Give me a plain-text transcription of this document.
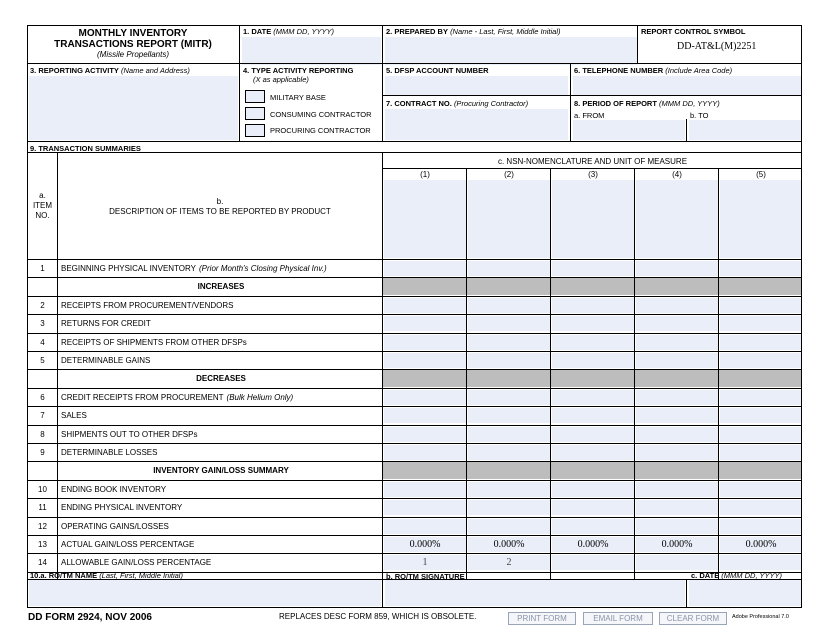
MONTHLY INVENTORY
TRANSACTIONS REPORT (MITR)
(Missile Propellants)
1. DATE (MMM DD, YYYY)	2. PREPARED BY (Name - Last, First, Middle Initial)	REPORT CONTROL SYMBOL
DD-AT&L(M)2251
3. REPORTING ACTIVITY (Name and Address)	4. TYPE ACTIVITY REPORTING
(X as applicable)
MILITARY BASE
CONSUMING CONTRACTOR
PROCURING CONTRACTOR
5. DFSP ACCOUNT NUMBER	6. TELEPHONE NUMBER (Include Area Code)
7. CONTRACT NO. (Procuring Contractor)	8. PERIOD OF REPORT (MMM DD, YYYY)
a. FROM	b. TO
9. TRANSACTION SUMMARIES
c. NSN-NOMENCLATURE AND UNIT OF MEASURE
(1)	(2)	(3)	(4)	(5)
a.
ITEM
NO.
b.
DESCRIPTION OF ITEMS TO BE REPORTED BY PRODUCT
1	BEGINNING PHYSICAL INVENTORY (Prior Month's Closing Physical Inv.)
INCREASES
2	RECEIPTS FROM PROCUREMENT/VENDORS
3	RETURNS FOR CREDIT
4	RECEIPTS OF SHIPMENTS FROM OTHER DFSPs
5	DETERMINABLE GAINS
DECREASES
6	CREDIT RECEIPTS FROM PROCUREMENT (Bulk Helium Only)
7	SALES
8	SHIPMENTS OUT TO OTHER DFSPs
9	DETERMINABLE LOSSES
INVENTORY GAIN/LOSS SUMMARY
10	ENDING BOOK INVENTORY
11	ENDING PHYSICAL INVENTORY
12	OPERATING GAINS/LOSSES
13	ACTUAL GAIN/LOSS PERCENTAGE	0.000%	0.000%	0.000%	0.000%	0.000%
14	ALLOWABLE GAIN/LOSS PERCENTAGE	1	2
10.a. RO/TM NAME (Last, First, Middle Initial)	b. RO/TM SIGNATURE	c. DATE (MMM DD, YYYY)
DD FORM 2924, NOV 2006	REPLACES DESC FORM 859, WHICH IS OBSOLETE.	PRINT FORM	EMAIL FORM	CLEAR FORM	Adobe Professional 7.0
